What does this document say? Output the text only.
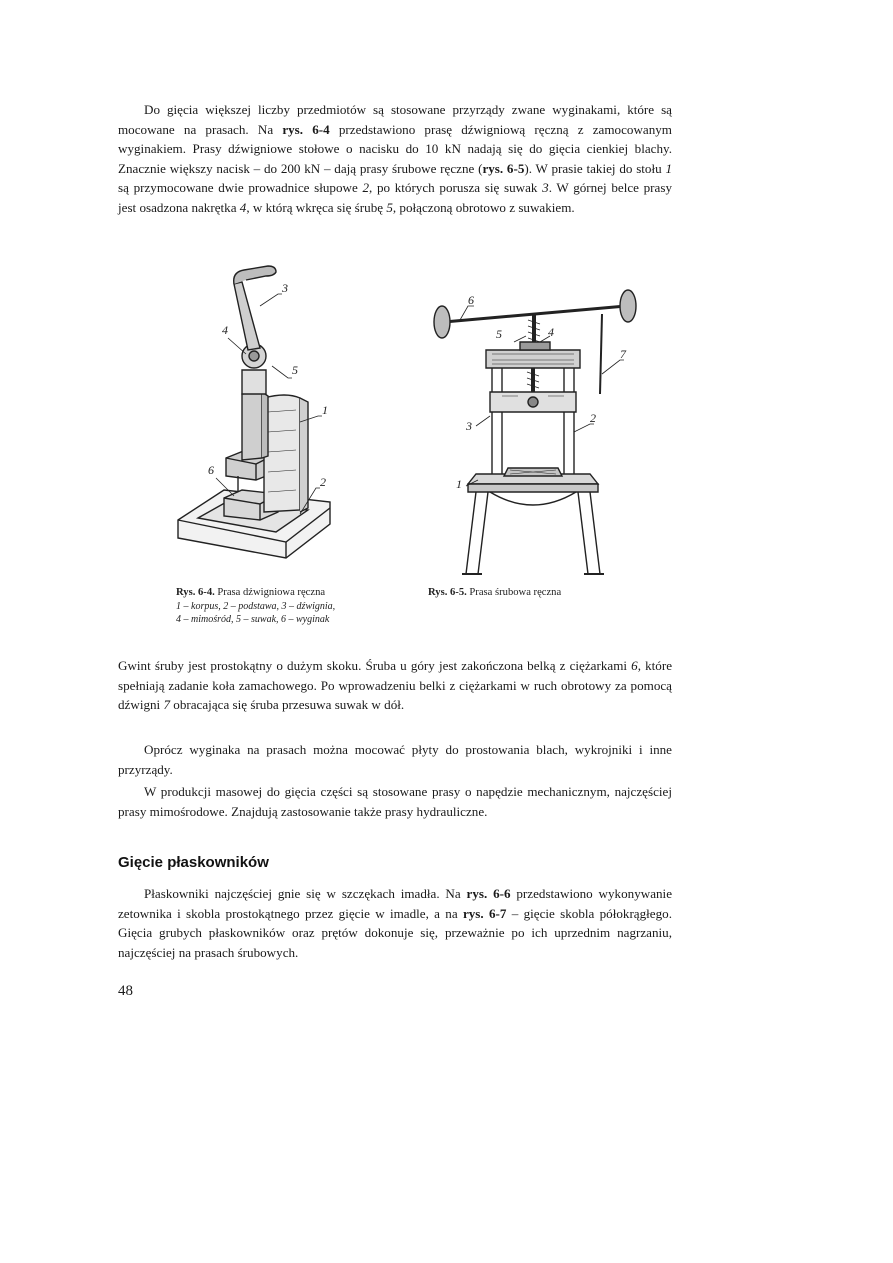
Do gięcia większej liczby przedmiotów są stosowane przyrządy zwane wyginakami, które są mocowane na prasach. Na rys. 6-4 przedstawiono prasę dźwigniową ręczną z zamocowanym wyginakiem. Prasy dźwigniowe stołowe o nacisku do 10 kN nadają się do gięcia cienkiej blachy. Znacznie większy nacisk – do 200 kN – dają prasy śrubowe ręczne (rys. 6-5). W prasie takiej do stołu 1 są przymocowane dwie prowadnice słupowe 2, po których porusza się suwak 3. W górnej belce prasy jest osadzona nakrętka 4, w którą wkręca się śrubę 5, połączoną obrotowo z suwakiem.

3
4
5
1
6
2
6
5	4
7
3
2
1
Rys. 6-4. Prasa dźwigniowa ręczna
1 – korpus, 2 – podstawa, 3 – dźwignia,
4 – mimośród, 5 – suwak, 6 – wyginak
Rys. 6-5. Prasa śrubowa ręczna

Gwint śruby jest prostokątny o dużym skoku. Śruba u góry jest zakończona belką z ciężarkami 6, które spełniają zadanie koła zamachowego. Po wprowadzeniu belki z ciężarkami w ruch obrotowy za pomocą dźwigni 7 obracająca się śruba przesuwa suwak w dół.

Oprócz wyginaka na prasach można mocować płyty do prostowania blach, wykrojniki i inne przyrządy.

W produkcji masowej do gięcia części są stosowane prasy o napędzie mechanicznym, najczęściej prasy mimośrodowe. Znajdują zastosowanie także prasy hydrauliczne.

Gięcie płaskowników

Płaskowniki najczęściej gnie się w szczękach imadła. Na rys. 6-6 przedstawiono wykonywanie zetownika i skobla prostokątnego przez gięcie w imadle, a na rys. 6-7 – gięcie skobla półokrągłego. Gięcia grubych płaskowników oraz prętów dokonuje się, przeważnie po ich uprzednim nagrzaniu, najczęściej na prasach śrubowych.

48
